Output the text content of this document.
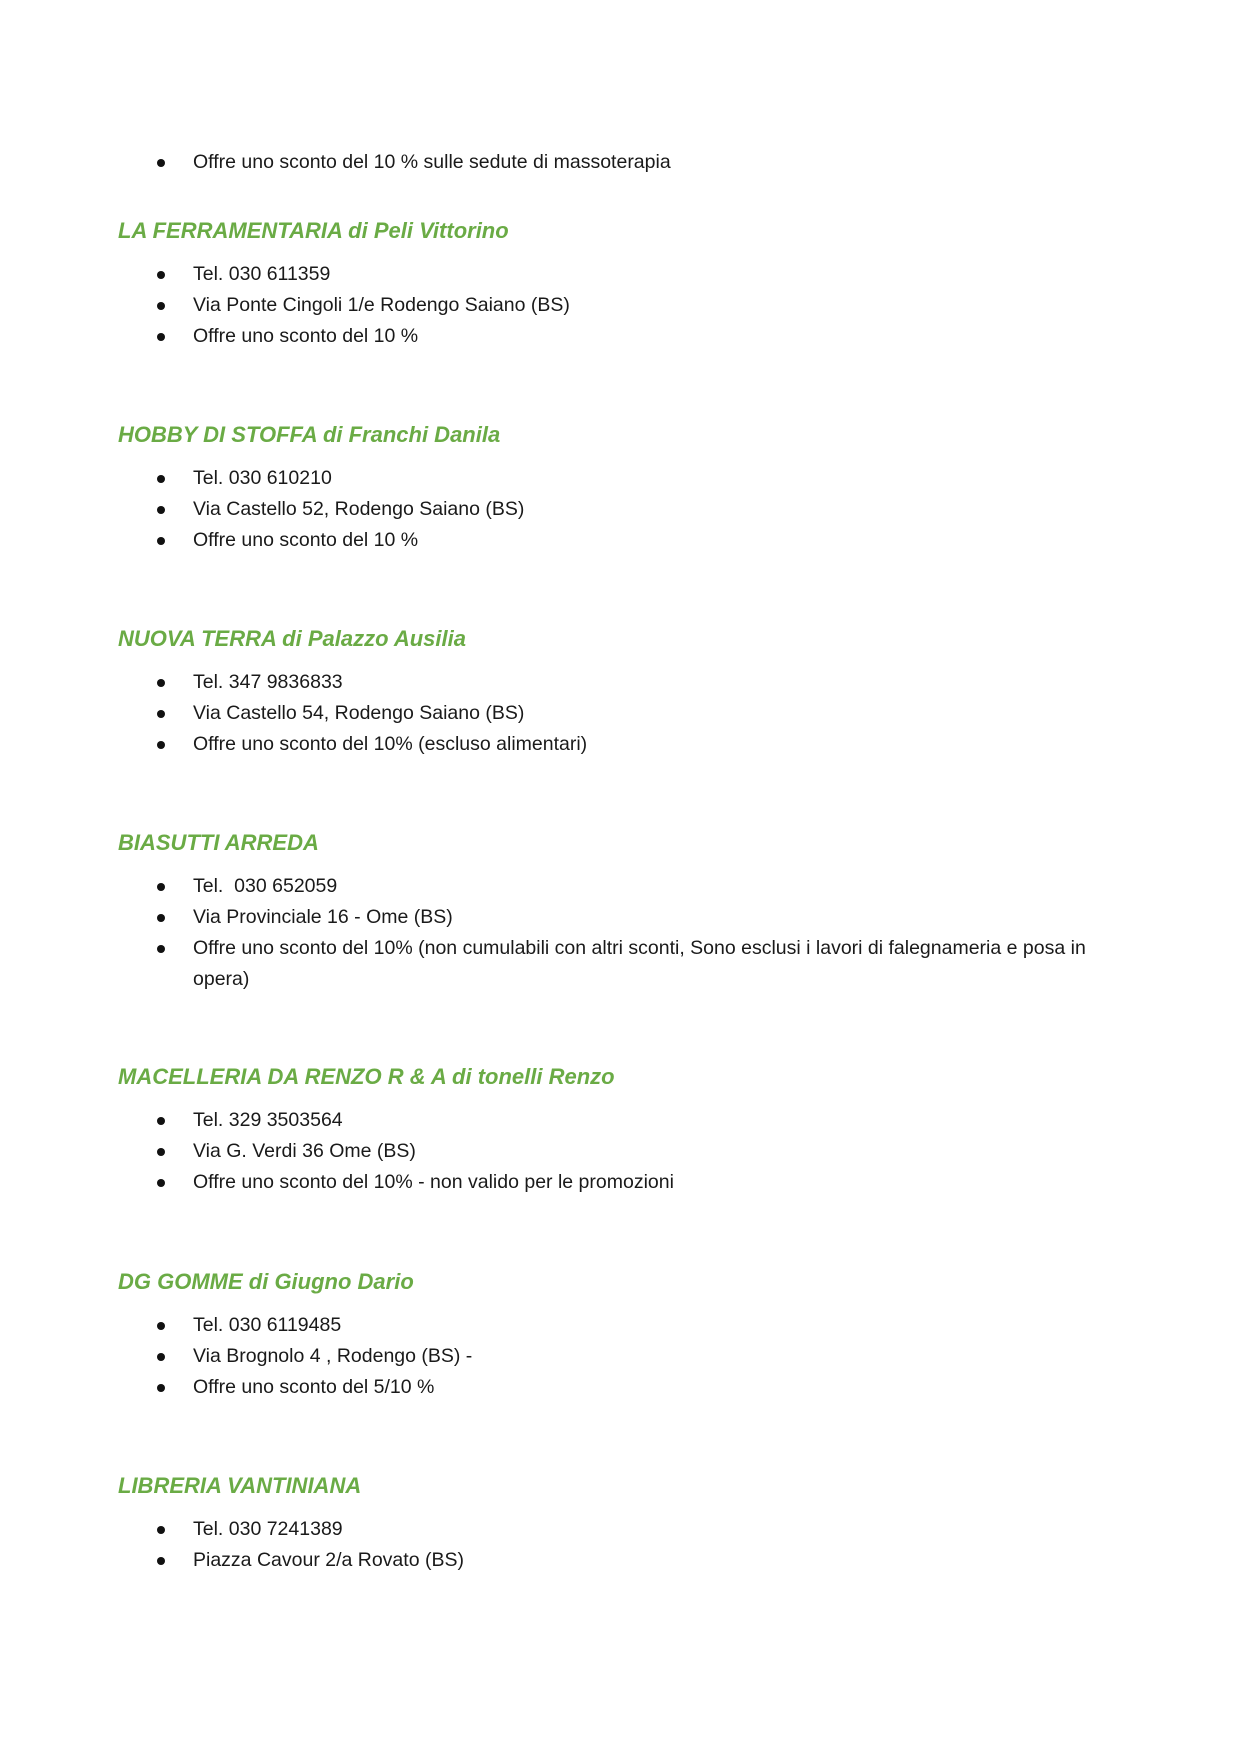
Offre uno sconto del 10 % sulle sedute di massoterapia
LA FERRAMENTARIA di Peli Vittorino
Tel. 030 611359
Via Ponte Cingoli 1/e Rodengo Saiano (BS)
Offre uno sconto del 10 %
HOBBY DI STOFFA di Franchi Danila
Tel. 030 610210
Via Castello 52, Rodengo Saiano (BS)
Offre uno sconto del 10 %
NUOVA TERRA di Palazzo Ausilia
Tel. 347 9836833
Via Castello 54, Rodengo Saiano (BS)
Offre uno sconto del 10% (escluso alimentari)
BIASUTTI ARREDA
Tel.  030 652059
Via Provinciale 16 - Ome (BS)
Offre uno sconto del 10% (non cumulabili con altri sconti, Sono esclusi i lavori di falegnameria e posa in opera)
MACELLERIA DA RENZO R & A di tonelli Renzo
Tel. 329 3503564
Via G. Verdi 36 Ome (BS)
Offre uno sconto del 10% - non valido per le promozioni
DG GOMME di Giugno Dario
Tel. 030 6119485
Via Brognolo 4 , Rodengo (BS) -
Offre uno sconto del 5/10 %
LIBRERIA VANTINIANA
Tel. 030 7241389
Piazza Cavour 2/a Rovato (BS)
